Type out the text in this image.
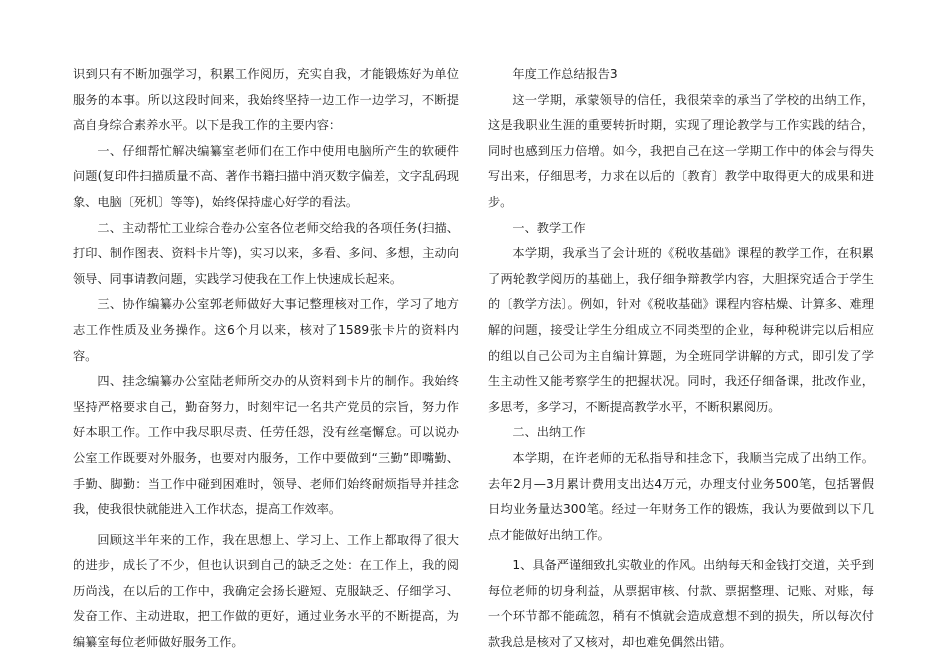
识到只有不断加强学习，积累工作阅历，充实自我，才能锻炼好为单位服务的本事。所以这段时间来，我始终坚持一边工作一边学习，不断提高自身综合素养水平。以下是我工作的主要内容：

一、仔细帮忙解决编纂室老师们在工作中使用电脑所产生的软硬件问题(复印件扫描质量不高、著作书籍扫描中消灭数字偏差，文字乱码现象、电脑〔死机〕等等)，始终保持虚心好学的看法。

二、主动帮忙工业综合卷办公室各位老师交给我的各项任务(扫描、打印、制作图表、资料卡片等)，实习以来，多看、多问、多想，主动向领导、同事请教问题，实践学习使我在工作上快速成长起来。

三、协作编纂办公室郭老师做好大事记整理核对工作，学习了地方志工作性质及业务操作。这6个月以来，核对了1589张卡片的资料内容。

四、挂念编纂办公室陆老师所交办的从资料到卡片的制作。我始终坚持严格要求自己，勤奋努力，时刻牢记一名共产党员的宗旨，努力作好本职工作。工作中我尽职尽责、任劳任怨，没有丝毫懈怠。可以说办公室工作既要对外服务，也要对内服务，工作中要做到“三勤”即嘴勤、手勤、脚勤：当工作中碰到困难时，领导、老师们始终耐烦指导并挂念我，使我很快就能进入工作状态，提高工作效率。

回顾这半年来的工作，我在思想上、学习上、工作上都取得了很大的进步，成长了不少，但也认识到自己的缺乏之处：在工作上，我的阅历尚浅，在以后的工作中，我确定会扬长避短、克服缺乏、仔细学习、发奋工作、主动进取，把工作做的更好，通过业务水平的不断提高，为编纂室每位老师做好服务工作。

年度工作总结报告3

这一学期，承蒙领导的信任，我很荣幸的承当了学校的出纳工作，这是我职业生涯的重要转折时期，实现了理论教学与工作实践的结合，同时也感到压力倍增。如今，我把自己在这一学期工作中的体会与得失写出来，仔细思考，力求在以后的〔教育〕教学中取得更大的成果和进步。

一、教学工作

本学期，我承当了会计班的《税收基础》课程的教学工作，在积累了两轮教学阅历的基础上，我仔细争辩教学内容，大胆探究适合于学生的〔教学方法〕。例如，针对《税收基础》课程内容枯燥、计算多、难理解的问题，接受让学生分组成立不同类型的企业，每种税讲完以后相应的组以自己公司为主自编计算题，为全班同学讲解的方式，即引发了学生主动性又能考察学生的把握状况。同时，我还仔细备课，批改作业，多思考，多学习，不断提高教学水平，不断积累阅历。

二、出纳工作

本学期，在许老师的无私指导和挂念下，我顺当完成了出纳工作。去年2月—3月累计费用支出达4万元，办理支付业务500笔，包括署假日均业务量达300笔。经过一年财务工作的锻炼，我认为要做到以下几点才能做好出纳工作。

1、具备严谨细致扎实敬业的作风。出纳每天和金钱打交道，关乎到每位老师的切身利益，从票据审核、付款、票据整理、记账、对账，每一个环节都不能疏忽，稍有不慎就会造成意想不到的损失，所以每次付款我总是核对了又核对，却也难免偶然出错。
